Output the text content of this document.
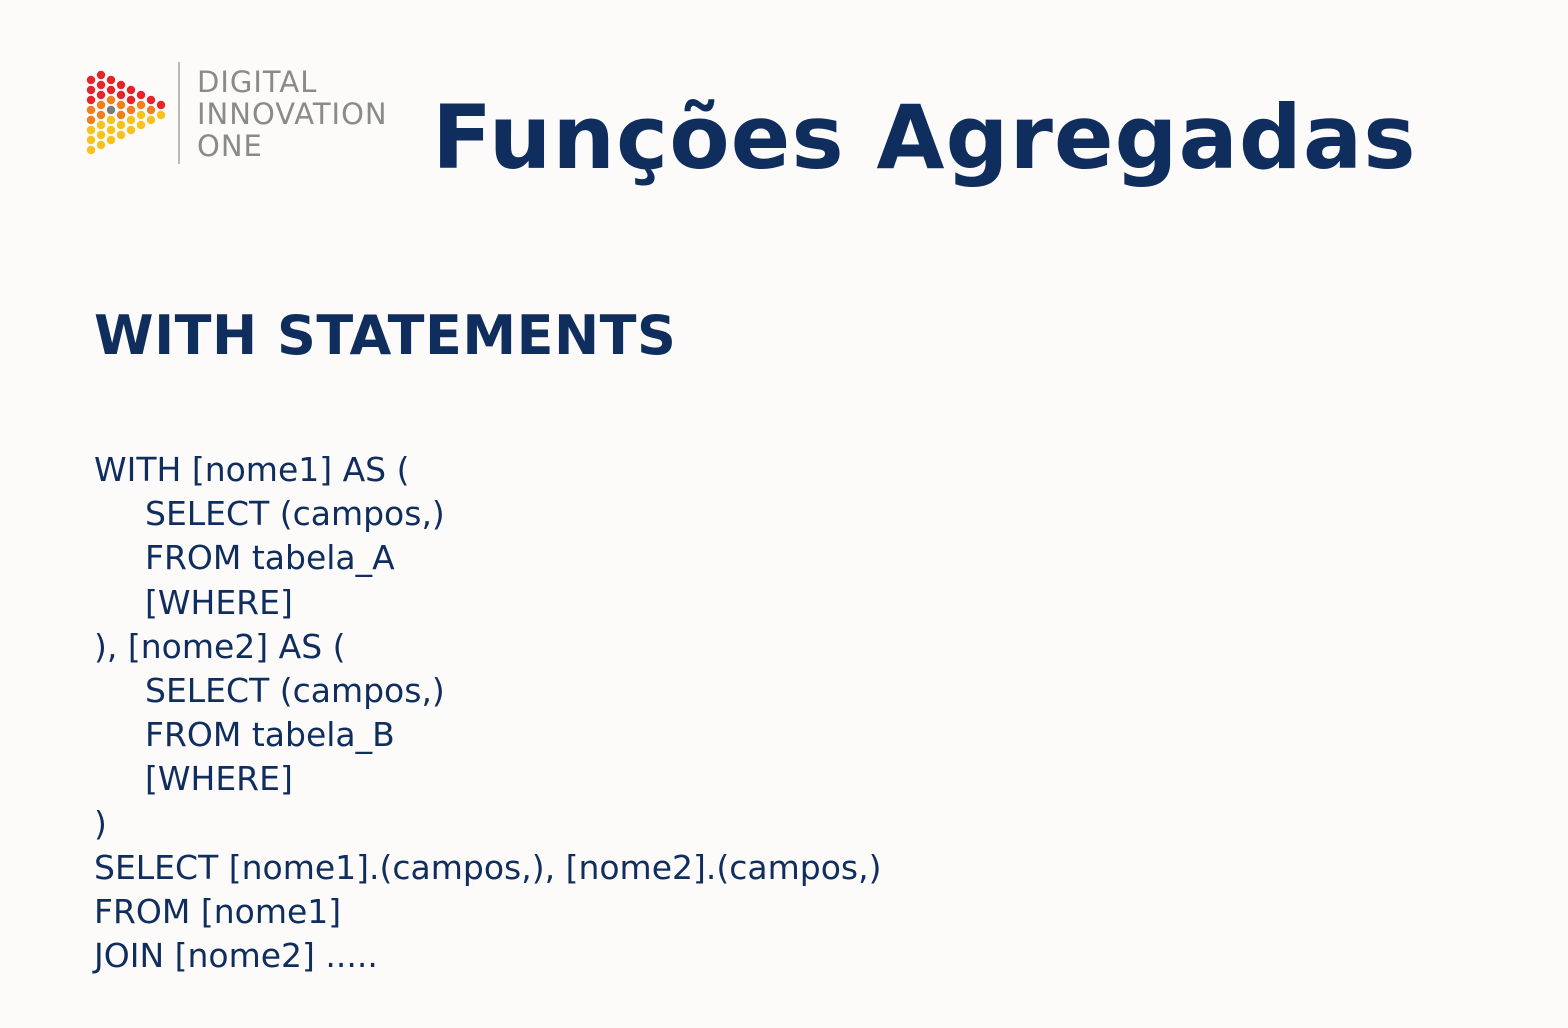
DIGITAL
INNOVATION
ONE	Funções Agregadas
WITH STATEMENTS
WITH [nome1] AS (
SELECT (campos,)
FROM tabela_A
[WHERE]
), [nome2] AS (
SELECT (campos,)
FROM tabela_B
[WHERE]
)
SELECT [nome1].(campos,), [nome2].(campos,)
FROM [nome1]
JOIN [nome2] .....
